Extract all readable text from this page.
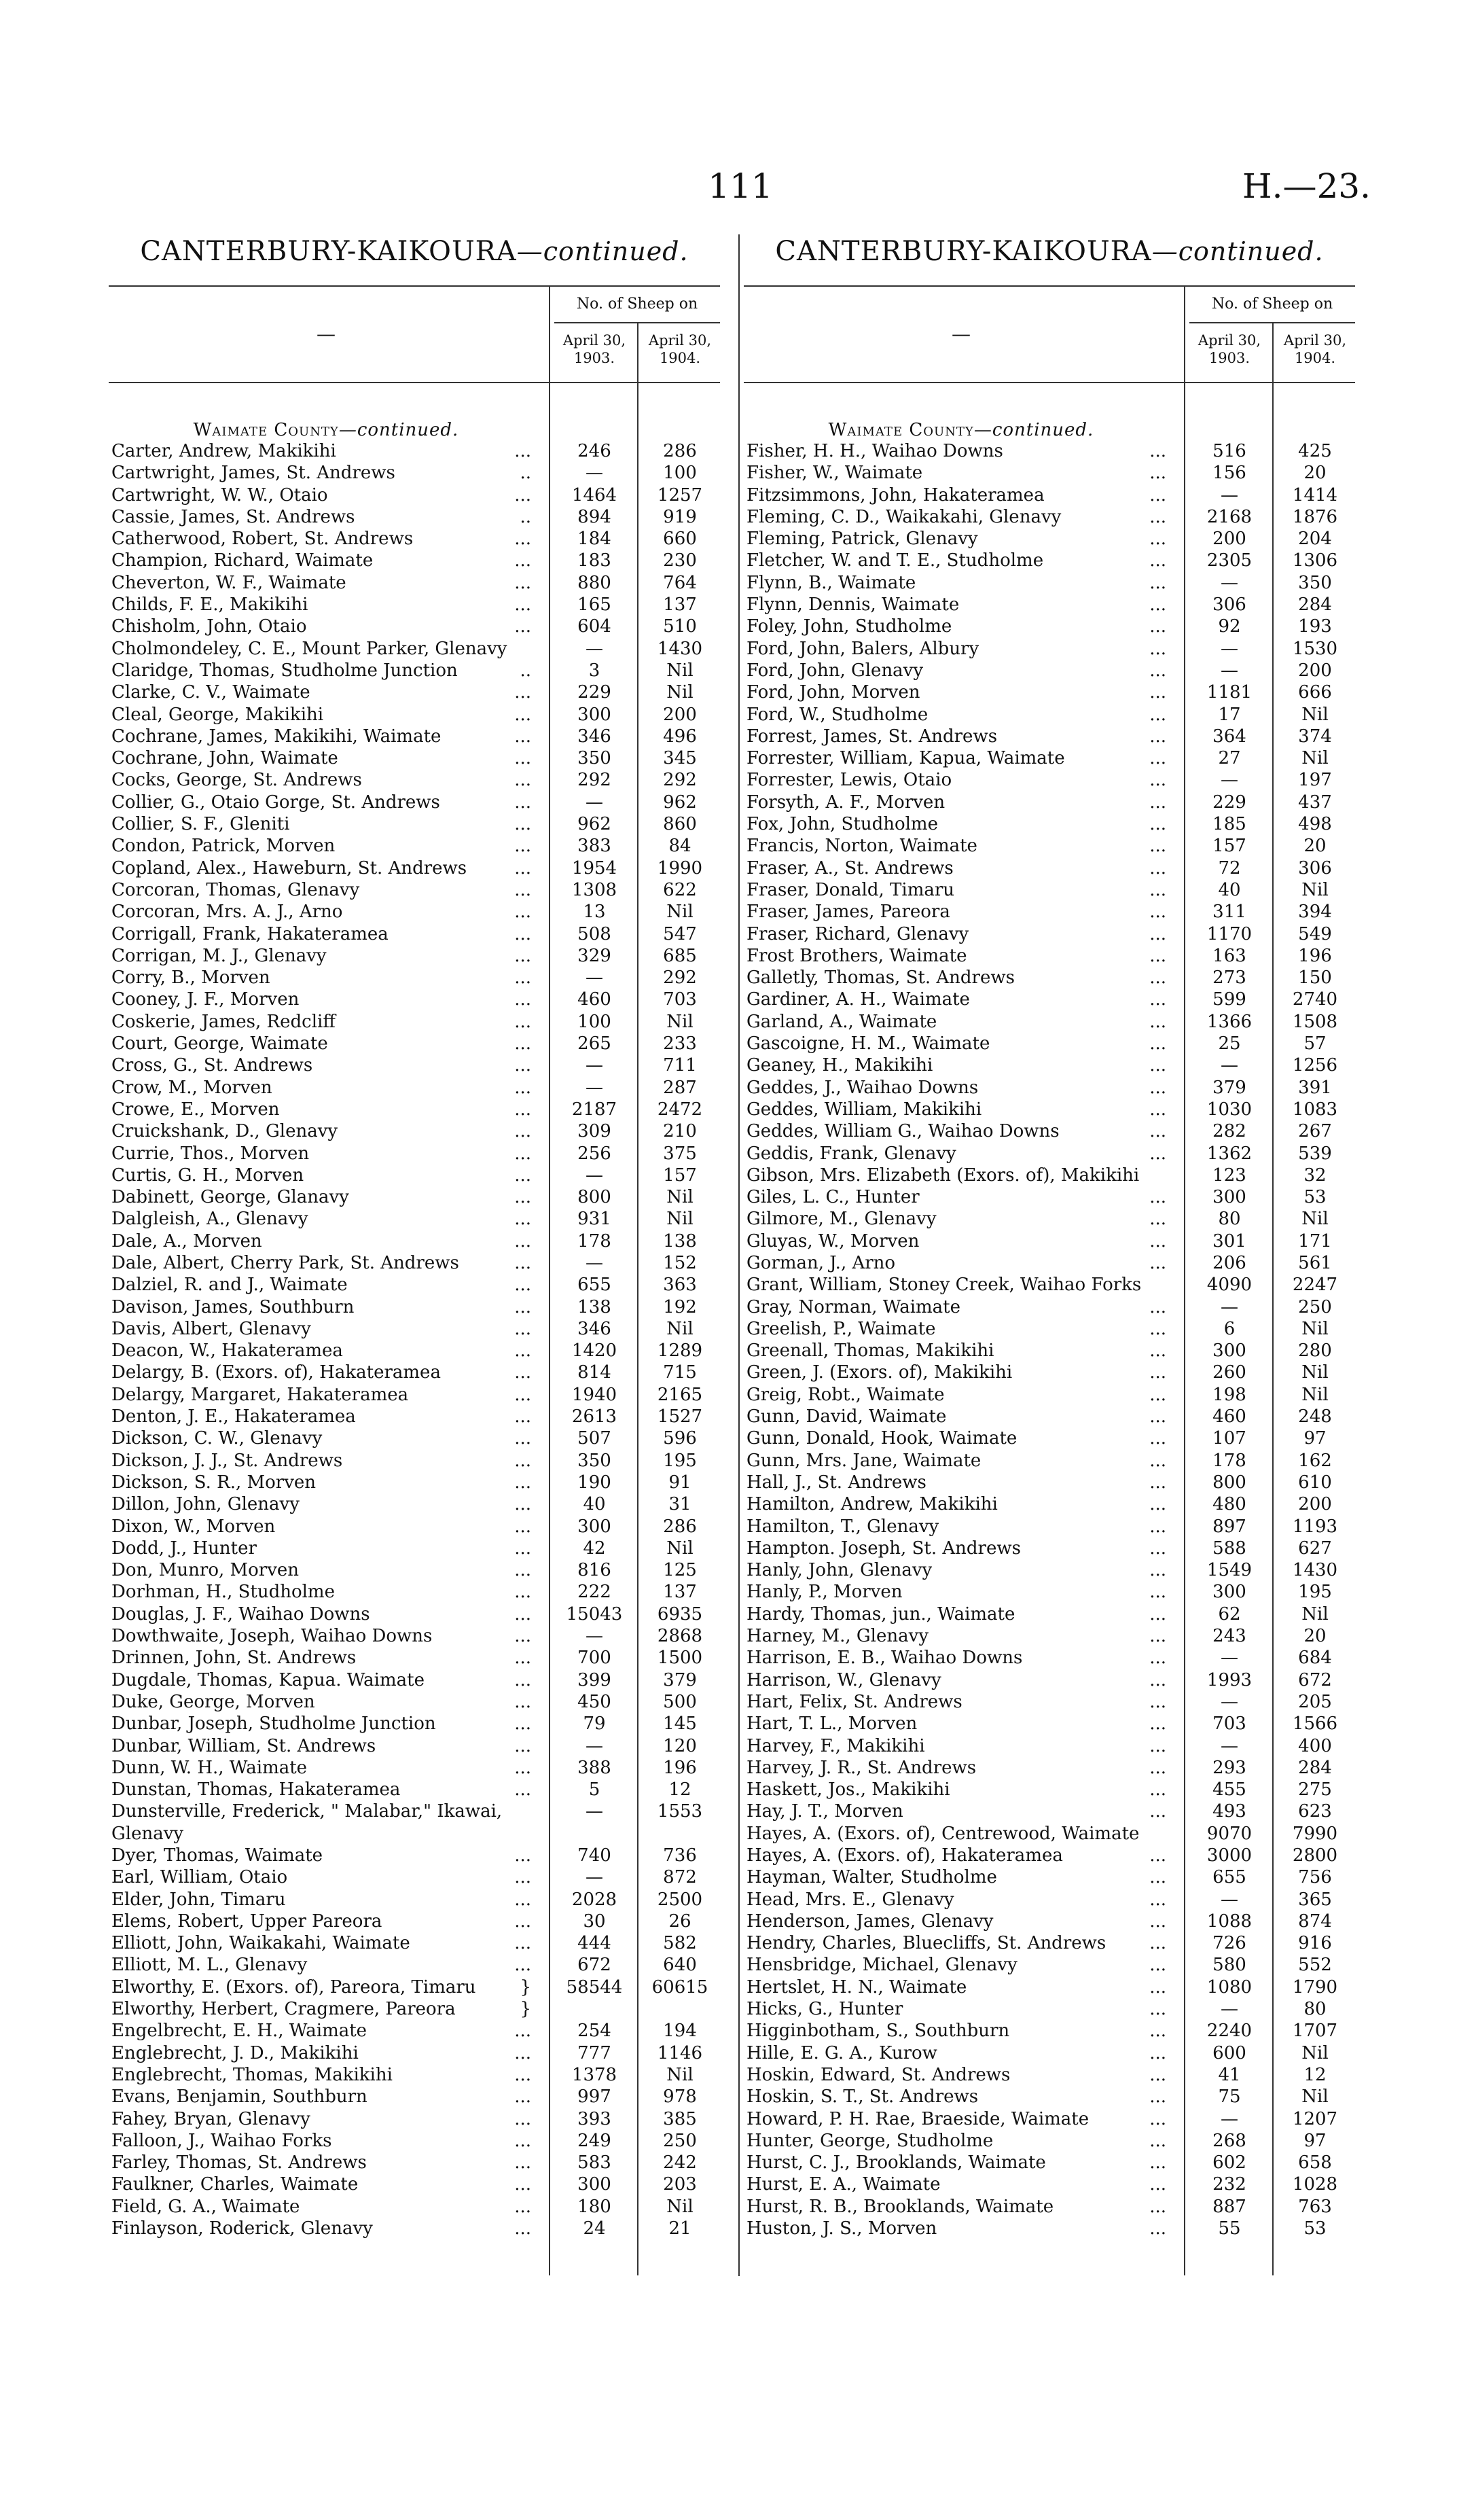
111	H.—23.
CANTERBURY-KAIKOURA—continued.
—
No. of Sheep on
April 30,
1903.
April 30,
1904.
Waimate County—continued.
Carter, Andrew, Makikihi	...	246	286
Cartwright, James, St. Andrews	..	—	100
Cartwright, W. W., Otaio	...	1464	1257
Cassie, James, St. Andrews	..	894	919
Catherwood, Robert, St. Andrews	...	184	660
Champion, Richard, Waimate	...	183	230
Cheverton, W. F., Waimate	...	880	764
Childs, F. E., Makikihi	...	165	137
Chisholm, John, Otaio	...	604	510
Cholmondeley, C. E., Mount Parker, Glenavy	—	1430
Claridge, Thomas, Studholme Junction	..	3	Nil
Clarke, C. V., Waimate	...	229	Nil
Cleal, George, Makikihi	...	300	200
Cochrane, James, Makikihi, Waimate	...	346	496
Cochrane, John, Waimate	...	350	345
Cocks, George, St. Andrews	...	292	292
Collier, G., Otaio Gorge, St. Andrews	...	—	962
Collier, S. F., Gleniti	...	962	860
Condon, Patrick, Morven	...	383	84
Copland, Alex., Haweburn, St. Andrews	...	1954	1990
Corcoran, Thomas, Glenavy	...	1308	622
Corcoran, Mrs. A. J., Arno	...	13	Nil
Corrigall, Frank, Hakateramea	...	508	547
Corrigan, M. J., Glenavy	...	329	685
Corry, B., Morven	...	—	292
Cooney, J. F., Morven	...	460	703
Coskerie, James, Redcliff	...	100	Nil
Court, George, Waimate	...	265	233
Cross, G., St. Andrews	...	—	711
Crow, M., Morven	...	—	287
Crowe, E., Morven	...	2187	2472
Cruickshank, D., Glenavy	...	309	210
Currie, Thos., Morven	...	256	375
Curtis, G. H., Morven	...	—	157
Dabinett, George, Glanavy	...	800	Nil
Dalgleish, A., Glenavy	...	931	Nil
Dale, A., Morven	...	178	138
Dale, Albert, Cherry Park, St. Andrews	...	—	152
Dalziel, R. and J., Waimate	...	655	363
Davison, James, Southburn	...	138	192
Davis, Albert, Glenavy	...	346	Nil
Deacon, W., Hakateramea	...	1420	1289
Delargy, B. (Exors. of), Hakateramea	...	814	715
Delargy, Margaret, Hakateramea	...	1940	2165
Denton, J. E., Hakateramea	...	2613	1527
Dickson, C. W., Glenavy	...	507	596
Dickson, J. J., St. Andrews	...	350	195
Dickson, S. R., Morven	...	190	91
Dillon, John, Glenavy	...	40	31
Dixon, W., Morven	...	300	286
Dodd, J., Hunter	...	42	Nil
Don, Munro, Morven	...	816	125
Dorhman, H., Studholme	...	222	137
Douglas, J. F., Waihao Downs	...	15043	6935
Dowthwaite, Joseph, Waihao Downs	...	—	2868
Drinnen, John, St. Andrews	...	700	1500
Dugdale, Thomas, Kapua. Waimate	...	399	379
Duke, George, Morven	...	450	500
Dunbar, Joseph, Studholme Junction	...	79	145
Dunbar, William, St. Andrews	...	—	120
Dunn, W. H., Waimate	...	388	196
Dunstan, Thomas, Hakateramea	...	5	12
Dunsterville, Frederick, " Malabar," Ikawai,	—	1553
Glenavy
Dyer, Thomas, Waimate	...	740	736
Earl, William, Otaio	...	—	872
Elder, John, Timaru	...	2028	2500
Elems, Robert, Upper Pareora	...	30	26
Elliott, John, Waikakahi, Waimate	...	444	582
Elliott, M. L., Glenavy	...	672	640
Elworthy, E. (Exors. of), Pareora, Timaru }	58544	60615
Elworthy, Herbert, Cragmere, Pareora	}
Engelbrecht, E. H., Waimate	...	254	194
Englebrecht, J. D., Makikihi	...	777	1146
Englebrecht, Thomas, Makikihi	...	1378	Nil
Evans, Benjamin, Southburn	...	997	978
Fahey, Bryan, Glenavy	...	393	385
Falloon, J., Waihao Forks	...	249	250
Farley, Thomas, St. Andrews	...	583	242
Faulkner, Charles, Waimate	...	300	203
Field, G. A., Waimate	...	180	Nil
Finlayson, Roderick, Glenavy	...	24	21
CANTERBURY-KAIKOURA—continued.
—
No. of Sheep on
April 30,
1903.
April 30,
1904.
Waimate County—continued.
Fisher, H. H., Waihao Downs	...	516	425
Fisher, W., Waimate	...	156	20
Fitzsimmons, John, Hakateramea	...	—	1414
Fleming, C. D., Waikakahi, Glenavy	...	2168	1876
Fleming, Patrick, Glenavy	...	200	204
Fletcher, W. and T. E., Studholme	...	2305	1306
Flynn, B., Waimate	...	—	350
Flynn, Dennis, Waimate	...	306	284
Foley, John, Studholme	...	92	193
Ford, John, Balers, Albury	...	—	1530
Ford, John, Glenavy	...	—	200
Ford, John, Morven	...	1181	666
Ford, W., Studholme	...	17	Nil
Forrest, James, St. Andrews	...	364	374
Forrester, William, Kapua, Waimate	...	27	Nil
Forrester, Lewis, Otaio	...	—	197
Forsyth, A. F., Morven	...	229	437
Fox, John, Studholme	...	185	498
Francis, Norton, Waimate	...	157	20
Fraser, A., St. Andrews	...	72	306
Fraser, Donald, Timaru	...	40	Nil
Fraser, James, Pareora	...	311	394
Fraser, Richard, Glenavy	...	1170	549
Frost Brothers, Waimate	...	163	196
Galletly, Thomas, St. Andrews	...	273	150
Gardiner, A. H., Waimate	...	599	2740
Garland, A., Waimate	...	1366	1508
Gascoigne, H. M., Waimate	...	25	57
Geaney, H., Makikihi	...	—	1256
Geddes, J., Waihao Downs	...	379	391
Geddes, William, Makikihi	...	1030	1083
Geddes, William G., Waihao Downs	...	282	267
Geddis, Frank, Glenavy	...	1362	539
Gibson, Mrs. Elizabeth (Exors. of), Makikihi	123	32
Giles, L. C., Hunter	...	300	53
Gilmore, M., Glenavy	...	80	Nil
Gluyas, W., Morven	...	301	171
Gorman, J., Arno	...	206	561
Grant, William, Stoney Creek, Waihao Forks	4090	2247
Gray, Norman, Waimate	...	—	250
Greelish, P., Waimate	...	6	Nil
Greenall, Thomas, Makikihi	...	300	280
Green, J. (Exors. of), Makikihi	...	260	Nil
Greig, Robt., Waimate	...	198	Nil
Gunn, David, Waimate	...	460	248
Gunn, Donald, Hook, Waimate	...	107	97
Gunn, Mrs. Jane, Waimate	...	178	162
Hall, J., St. Andrews	...	800	610
Hamilton, Andrew, Makikihi	...	480	200
Hamilton, T., Glenavy	...	897	1193
Hampton. Joseph, St. Andrews	...	588	627
Hanly, John, Glenavy	...	1549	1430
Hanly, P., Morven	...	300	195
Hardy, Thomas, jun., Waimate	...	62	Nil
Harney, M., Glenavy	...	243	20
Harrison, E. B., Waihao Downs	...	—	684
Harrison, W., Glenavy	...	1993	672
Hart, Felix, St. Andrews	...	—	205
Hart, T. L., Morven	...	703	1566
Harvey, F., Makikihi	...	—	400
Harvey, J. R., St. Andrews	...	293	284
Haskett, Jos., Makikihi	...	455	275
Hay, J. T., Morven	...	493	623
Hayes, A. (Exors. of), Centrewood, Waimate	9070	7990
Hayes, A. (Exors. of), Hakateramea	...	3000	2800
Hayman, Walter, Studholme	...	655	756
Head, Mrs. E., Glenavy	...	—	365
Henderson, James, Glenavy	...	1088	874
Hendry, Charles, Bluecliffs, St. Andrews ...	726	916
Hensbridge, Michael, Glenavy	...	580	552
Hertslet, H. N., Waimate	...	1080	1790
Hicks, G., Hunter	...	—	80
Higginbotham, S., Southburn	...	2240	1707
Hille, E. G. A., Kurow	...	600	Nil
Hoskin, Edward, St. Andrews	...	41	12
Hoskin, S. T., St. Andrews	...	75	Nil
Howard, P. H. Rae, Braeside, Waimate	...	—	1207
Hunter, George, Studholme	...	268	97
Hurst, C. J., Brooklands, Waimate	...	602	658
Hurst, E. A., Waimate	...	232	1028
Hurst, R. B., Brooklands, Waimate	...	887	763
Huston, J. S., Morven	...	55	53
